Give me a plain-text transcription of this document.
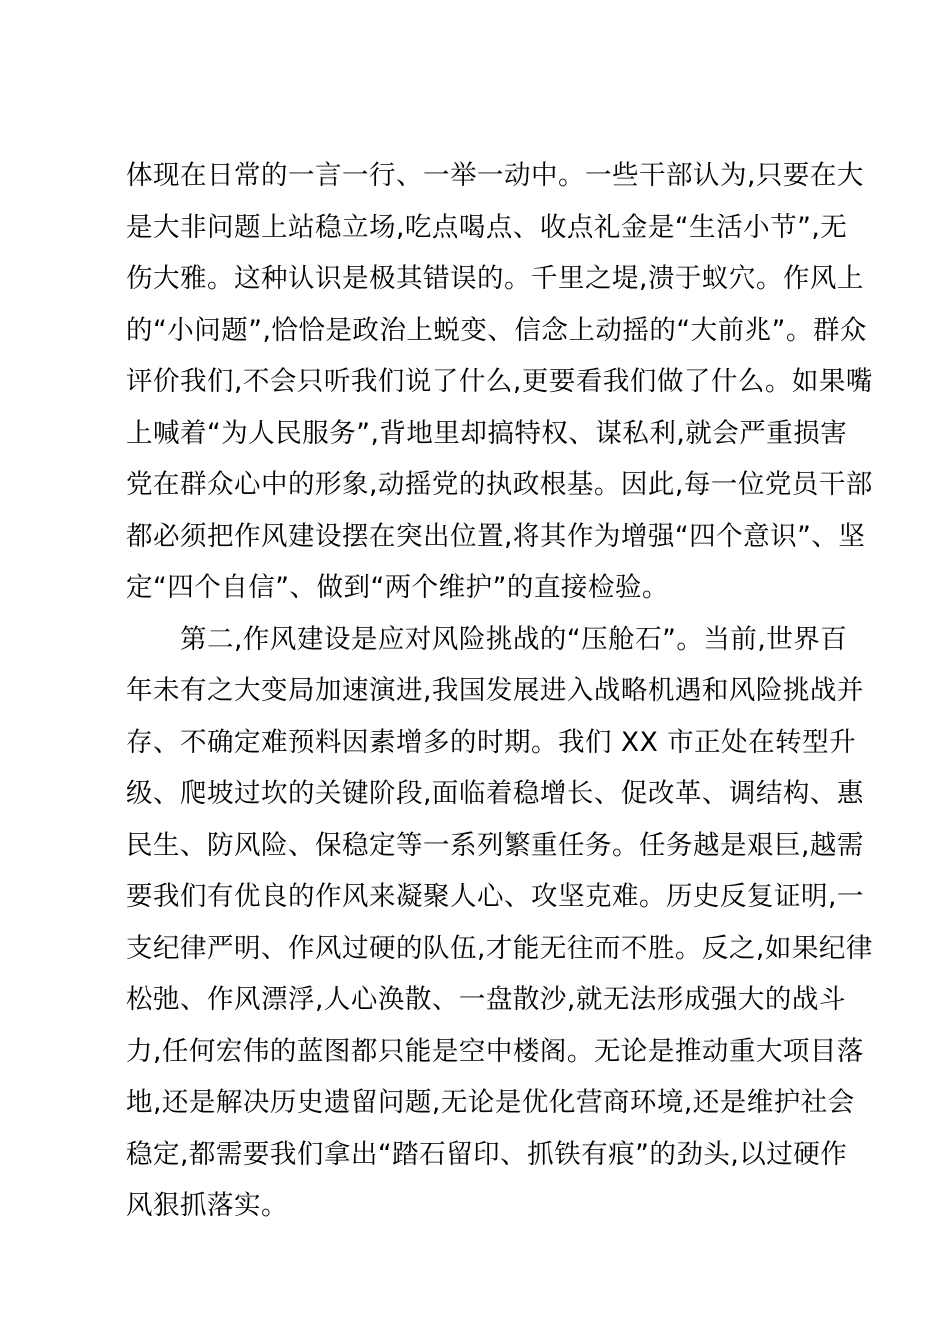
体现在日常的一言一行、一举一动中。一些干部认为,只要在大
是大非问题上站稳立场,吃点喝点、收点礼金是“生活小节”,无
伤大雅。这种认识是极其错误的。千里之堤,溃于蚁穴。作风上
的“小问题”,恰恰是政治上蜕变、信念上动摇的“大前兆”。群众
评价我们,不会只听我们说了什么,更要看我们做了什么。如果嘴
上喊着“为人民服务”,背地里却搞特权、谋私利,就会严重损害
党在群众心中的形象,动摇党的执政根基。因此,每一位党员干部
都必须把作风建设摆在突出位置,将其作为增强“四个意识”、坚
定“四个自信”、做到“两个维护”的直接检验。
第二,作风建设是应对风险挑战的“压舱石”。当前,世界百
年未有之大变局加速演进,我国发展进入战略机遇和风险挑战并
存、不确定难预料因素增多的时期。我们 XX 市正处在转型升
级、爬坡过坎的关键阶段,面临着稳增长、促改革、调结构、惠
民生、防风险、保稳定等一系列繁重任务。任务越是艰巨,越需
要我们有优良的作风来凝聚人心、攻坚克难。历史反复证明,一
支纪律严明、作风过硬的队伍,才能无往而不胜。反之,如果纪律
松弛、作风漂浮,人心涣散、一盘散沙,就无法形成强大的战斗
力,任何宏伟的蓝图都只能是空中楼阁。无论是推动重大项目落
地,还是解决历史遗留问题,无论是优化营商环境,还是维护社会
稳定,都需要我们拿出“踏石留印、抓铁有痕”的劲头,以过硬作
风狠抓落实。
